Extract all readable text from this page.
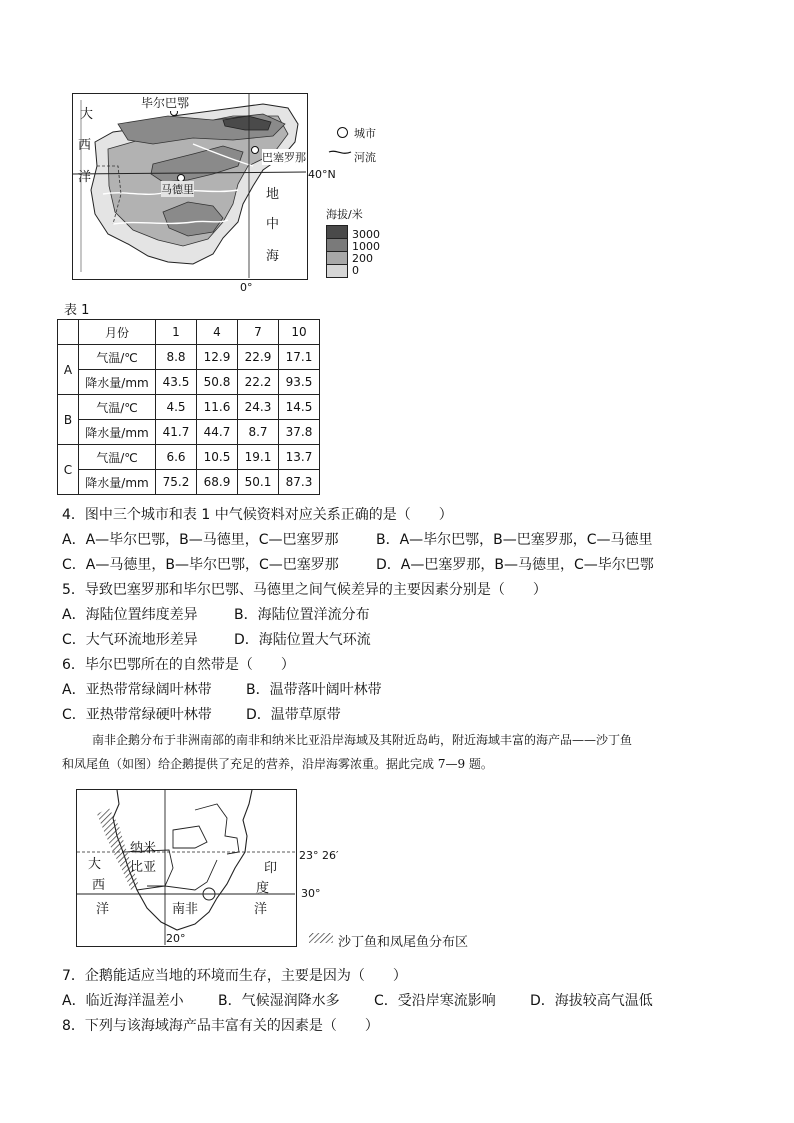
大
西
洋
毕尔巴鄂
巴塞罗那
马德里	地
中
海
40°N
0°
城市
河流
海拔/米
3000
1000
200
0
表 1
	月份	1	4	7	10
A	气温/℃	8.8	12.9	22.9	17.1
	降水量/mm	43.5	50.8	22.2	93.5
B	气温/℃	4.5	11.6	24.3	14.5
	降水量/mm	41.7	44.7	8.7	37.8
C	气温/℃	6.6	10.5	19.1	13.7
	降水量/mm	75.2	68.9	50.1	87.3
4．图中三个城市和表 1 中气候资料对应关系正确的是（　　）
A．A—毕尔巴鄂，B—马德里，C—巴塞罗那	B．A—毕尔巴鄂，B—巴塞罗那，C—马德里
C．A—马德里，B—毕尔巴鄂，C—巴塞罗那	D．A—巴塞罗那，B—马德里，C—毕尔巴鄂
5．导致巴塞罗那和毕尔巴鄂、马德里之间气候差异的主要因素分别是（　　）
A．海陆位置纬度差异	B．海陆位置洋流分布
C．大气环流地形差异	D．海陆位置大气环流
6．毕尔巴鄂所在的自然带是（　　）
A．亚热带常绿阔叶林带 B．温带落叶阔叶林带
C．亚热带常绿硬叶林带 D．温带草原带
南非企鹅分布于非洲南部的南非和纳米比亚沿岸海域及其附近岛屿，附近海域丰富的海产品——沙丁鱼
和凤尾鱼（如图）给企鹅提供了充足的营养，沿岸海雾浓重。据此完成 7—9 题。
纳米
比亚
大
西
洋	南非
印
度
洋
23° 26′
30°
20°	沙丁鱼和凤尾鱼分布区
7．企鹅能适应当地的环境而生存，主要是因为（　　）
A．临近海洋温差小 B．气候湿润降水多 C．受沿岸寒流影响 D．海拔较高气温低
8．下列与该海域海产品丰富有关的因素是（　　）
